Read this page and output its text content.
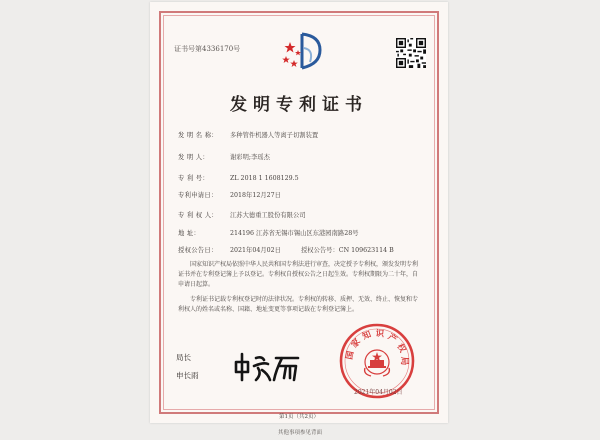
证书号第4336170号
发明专利证书
发 明 名 称： 多种管件机器人等离子切割装置
发 明 人：	谢彩明;李瑶杰
专 利 号：	ZL 2018 1 1608129.5
专利申请日： 2018年12月27日
专 利 权 人： 江苏大德重工股份有限公司
地 址：	214196 江苏省无锡市锡山区东港园南路28号
授权公告日： 2021年04月02日	授权公告号：CN 109623114 B

国家知识产权局依照中华人民共和国专利法进行审查，决定授予专利权，颁发发明专利证书并在专利登记簿上予以登记。专利权自授权公告之日起生效。专利权期限为二十年，自申请日起算。

专利证书记载专利权登记时的法律状况。专利权的转移、质押、无效、终止、恢复和专利权人的姓名或名称、国籍、地址变更等事项记载在专利登记簿上。

局长
申长雨
国
家
知 识 产
权
局
2021年04月02日
第1页（共2页）
其他事项参见背面
